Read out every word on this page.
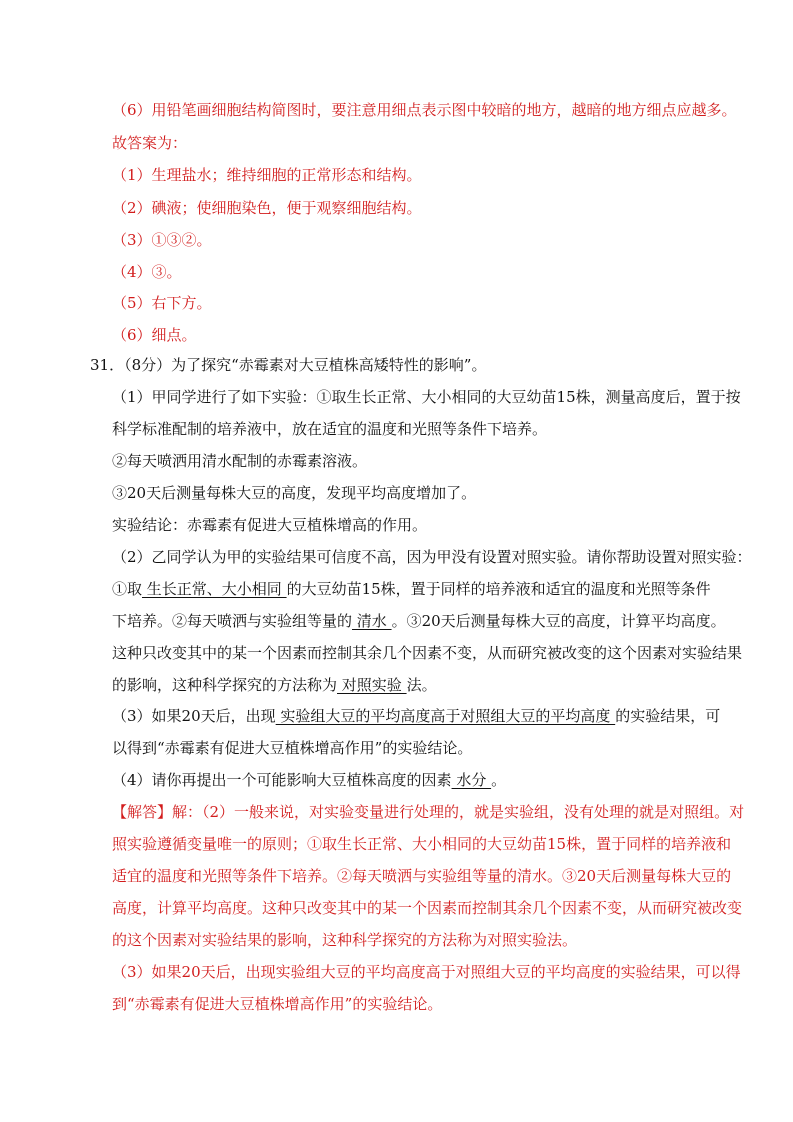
（6）用铅笔画细胞结构简图时，要注意用细点表示图中较暗的地方，越暗的地方细点应越多。
故答案为：
（1）生理盐水；维持细胞的正常形态和结构。
（2）碘液；使细胞染色，便于观察细胞结构。
（3）①③②。
（4）③。
（5）右下方。
（6）细点。
31．（8分）为了探究“赤霉素对大豆植株高矮特性的影响”。
（1）甲同学进行了如下实验：①取生长正常、大小相同的大豆幼苗15株，测量高度后，置于按
科学标准配制的培养液中，放在适宜的温度和光照等条件下培养。
②每天喷洒用清水配制的赤霉素溶液。
③20天后测量每株大豆的高度，发现平均高度增加了。
实验结论：赤霉素有促进大豆植株增高的作用。
（2）乙同学认为甲的实验结果可信度不高，因为甲没有设置对照实验。请你帮助设置对照实验：
①取 生长正常、大小相同 的大豆幼苗15株，置于同样的培养液和适宜的温度和光照等条件
下培养。②每天喷洒与实验组等量的 清水 。③20天后测量每株大豆的高度，计算平均高度。
这种只改变其中的某一个因素而控制其余几个因素不变，从而研究被改变的这个因素对实验结果
的影响，这种科学探究的方法称为 对照实验 法。
（3）如果20天后，出现 实验组大豆的平均高度高于对照组大豆的平均高度 的实验结果，可
以得到“赤霉素有促进大豆植株增高作用”的实验结论。
（4）请你再提出一个可能影响大豆植株高度的因素 水分 。
【解答】解：（2）一般来说，对实验变量进行处理的，就是实验组，没有处理的就是对照组。对
照实验遵循变量唯一的原则；①取生长正常、大小相同的大豆幼苗15株，置于同样的培养液和
适宜的温度和光照等条件下培养。②每天喷洒与实验组等量的清水。③20天后测量每株大豆的
高度，计算平均高度。这种只改变其中的某一个因素而控制其余几个因素不变，从而研究被改变
的这个因素对实验结果的影响，这种科学探究的方法称为对照实验法。
（3）如果20天后，出现实验组大豆的平均高度高于对照组大豆的平均高度的实验结果，可以得
到“赤霉素有促进大豆植株增高作用”的实验结论。
